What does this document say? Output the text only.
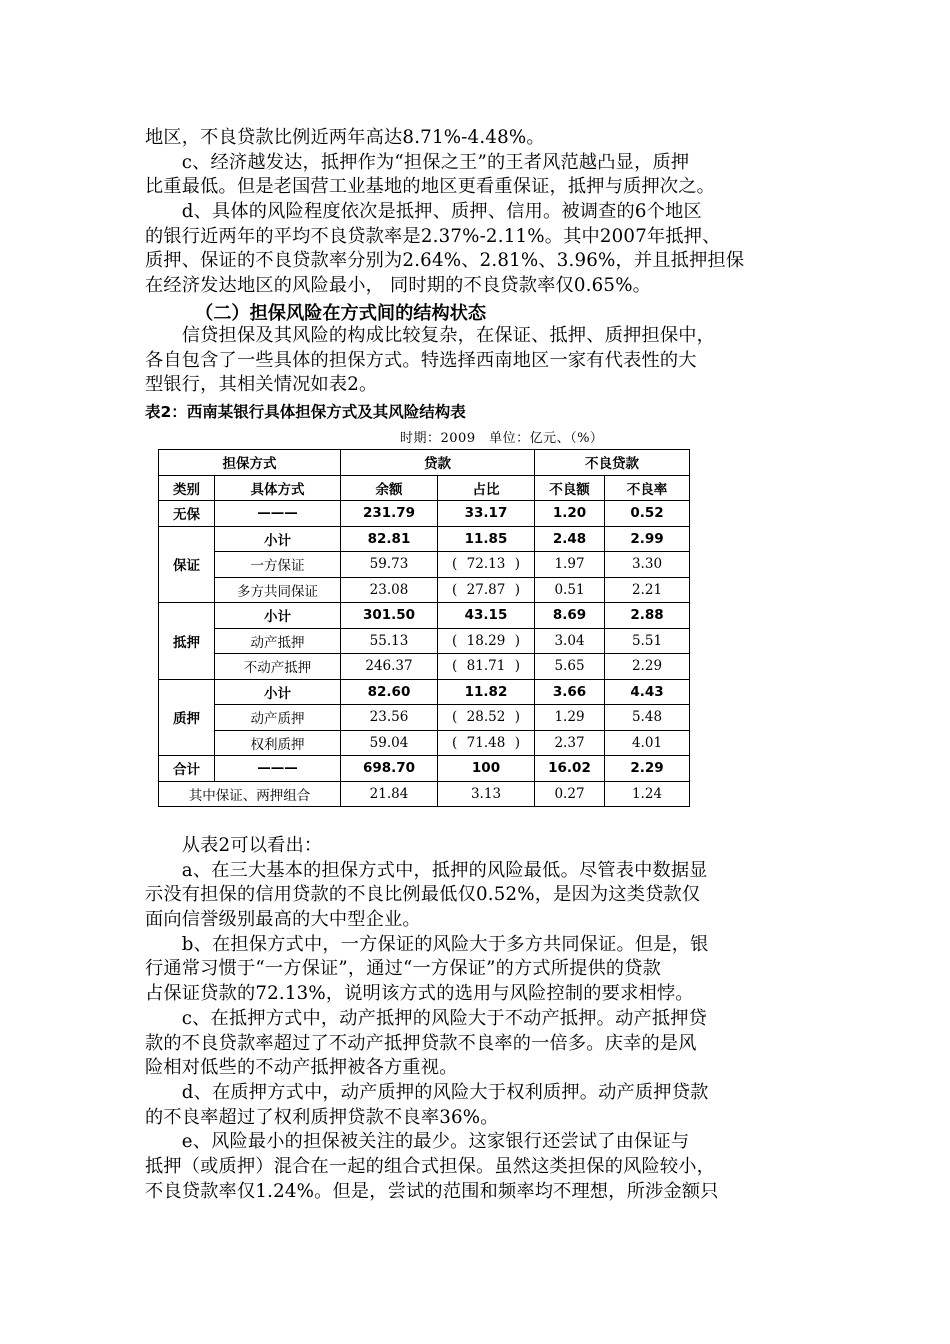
地区，不良贷款比例近两年高达8.71%-4.48%。
　　c、经济越发达，抵押作为“担保之王”的王者风范越凸显，质押
比重最低。但是老国营工业基地的地区更看重保证，抵押与质押次之。
　　d、具体的风险程度依次是抵押、质押、信用。被调查的6个地区
的银行近两年的平均不良贷款率是2.37%-2.11%。其中2007年抵押、
质押、保证的不良贷款率分别为2.64%、2.81%、3.96%，并且抵押担保
在经济发达地区的风险最小， 同时期的不良贷款率仅0.65%。
（二）担保风险在方式间的结构状态
　　信贷担保及其风险的构成比较复杂，在保证、抵押、质押担保中，
各自包含了一些具体的担保方式。特选择西南地区一家有代表性的大
型银行，其相关情况如表2。
表2：西南某银行具体担保方式及其风险结构表
时期：2009　单位：亿元、（%）
担保方式		贷款		不良贷款	
类别	具体方式	余额	占比	不良额	不良率
无保	———	231.79	33.17	1.20	0.52
保证	小计	82.81	11.85	2.48	2.99
	一方保证	59.73	( 72.13 )	1.97	3.30
	多方共同保证	23.08	( 27.87 )	0.51	2.21
抵押	小计	301.50	43.15	8.69	2.88
	动产抵押	55.13	( 18.29 )	3.04	5.51
	不动产抵押	246.37	( 81.71 )	5.65	2.29
质押	小计	82.60	11.82	3.66	4.43
	动产质押	23.56	( 28.52 )	1.29	5.48
	权利质押	59.04	( 71.48 )	2.37	4.01
合计	———	698.70	100	16.02	2.29
其中保证、两押组合		21.84	3.13	0.27	1.24
　　从表2可以看出：
　　a、在三大基本的担保方式中，抵押的风险最低。尽管表中数据显
示没有担保的信用贷款的不良比例最低仅0.52%，是因为这类贷款仅
面向信誉级别最高的大中型企业。
　　b、在担保方式中，一方保证的风险大于多方共同保证。但是，银
行通常习惯于“一方保证”，通过“一方保证”的方式所提供的贷款
占保证贷款的72.13%，说明该方式的选用与风险控制的要求相悖。
　　c、在抵押方式中，动产抵押的风险大于不动产抵押。动产抵押贷
款的不良贷款率超过了不动产抵押贷款不良率的一倍多。庆幸的是风
险相对低些的不动产抵押被各方重视。
　　d、在质押方式中，动产质押的风险大于权利质押。动产质押贷款
的不良率超过了权利质押贷款不良率36%。
　　e、风险最小的担保被关注的最少。这家银行还尝试了由保证与
抵押（或质押）混合在一起的组合式担保。虽然这类担保的风险较小，
不良贷款率仅1.24%。但是，尝试的范围和频率均不理想，所涉金额只
